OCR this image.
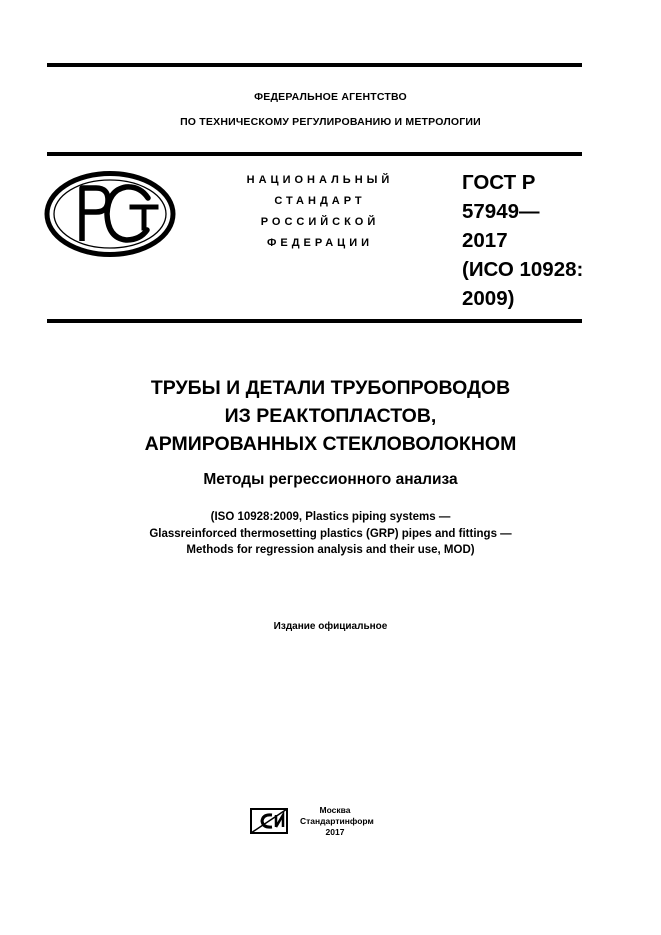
ФЕДЕРАЛЬНОЕ АГЕНТСТВО
ПО ТЕХНИЧЕСКОМУ РЕГУЛИРОВАНИЮ И МЕТРОЛОГИИ
РСТ
НАЦИОНАЛЬНЫЙ
СТАНДАРТ
РОССИЙСКОЙ
ФЕДЕРАЦИИ
ГОСТ Р
57949—
2017
(ИСО 10928:
2009)
ТРУБЫ И ДЕТАЛИ ТРУБОПРОВОДОВ
ИЗ РЕАКТОПЛАСТОВ,
АРМИРОВАННЫХ СТЕКЛОВОЛОКНОМ
Методы регрессионного анализа
(ISO 10928:2009, Plastics piping systems —
Glassreinforced thermosetting plastics (GRP) pipes and fittings —
Methods for regression analysis and their use, MOD)
Издание официальное
СИ	Москва
Стандартинформ
2017
